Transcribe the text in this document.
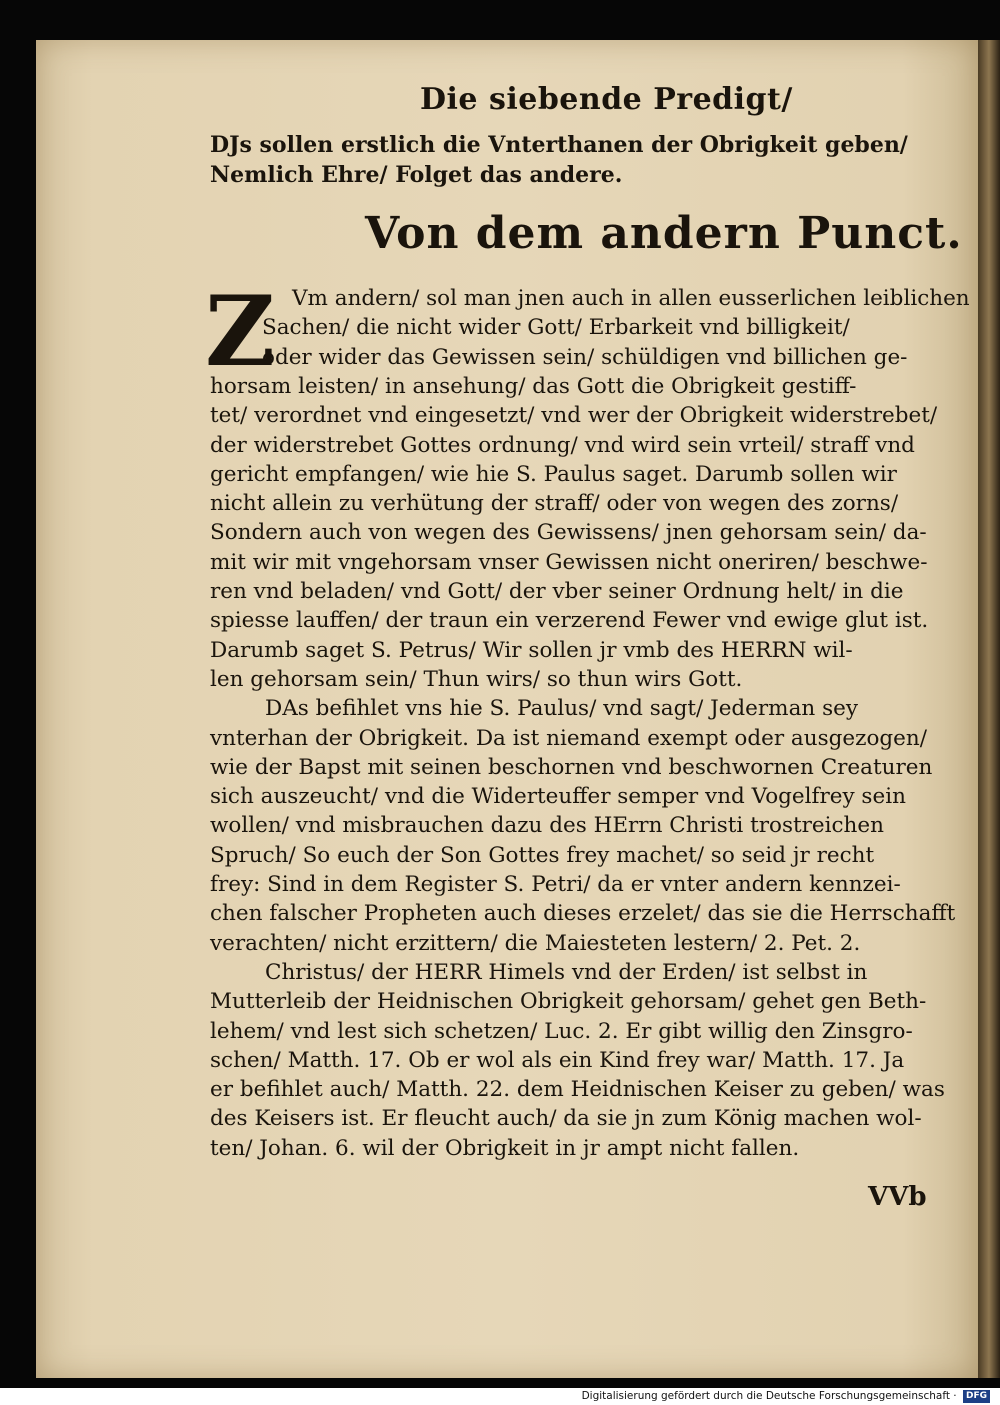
Die siebende Predigt/
DJs sollen erstlich die Vnterthanen der Obrigkeit geben/
Nemlich Ehre/ Folget das andere.
Von dem andern Punct.
Z Vm andern/ sol man jnen auch in allen eusserlichen leiblichen
Sachen/ die nicht wider Gott/ Erbarkeit vnd billigkeit/
oder wider das Gewissen sein/ schüldigen vnd billichen ge-
horsam leisten/ in ansehung/ das Gott die Obrigkeit gestiff-
tet/ verordnet vnd eingesetzt/ vnd wer der Obrigkeit widerstrebet/
der widerstrebet Gottes ordnung/ vnd wird sein vrteil/ straff vnd
gericht empfangen/ wie hie S. Paulus saget. Darumb sollen wir
nicht allein zu verhütung der straff/ oder von wegen des zorns/
Sondern auch von wegen des Gewissens/ jnen gehorsam sein/ da-
mit wir mit vngehorsam vnser Gewissen nicht oneriren/ beschwe-
ren vnd beladen/ vnd Gott/ der vber seiner Ordnung helt/ in die
spiesse lauffen/ der traun ein verzerend Fewer vnd ewige glut ist.
Darumb saget S. Petrus/ Wir sollen jr vmb des HERRN wil-
len gehorsam sein/ Thun wirs/ so thun wirs Gott.
DAs befihlet vns hie S. Paulus/ vnd sagt/ Jederman sey
vnterhan der Obrigkeit. Da ist niemand exempt oder ausgezogen/
wie der Bapst mit seinen beschornen vnd beschwornen Creaturen
sich auszeucht/ vnd die Widerteuffer semper vnd Vogelfrey sein
wollen/ vnd misbrauchen dazu des HErrn Christi trostreichen
Spruch/ So euch der Son Gottes frey machet/ so seid jr recht
frey: Sind in dem Register S. Petri/ da er vnter andern kennzei-
chen falscher Propheten auch dieses erzelet/ das sie die Herrschafft
verachten/ nicht erzittern/ die Maiesteten lestern/ 2. Pet. 2.
Christus/ der HERR Himels vnd der Erden/ ist selbst in
Mutterleib der Heidnischen Obrigkeit gehorsam/ gehet gen Beth-
lehem/ vnd lest sich schetzen/ Luc. 2. Er gibt willig den Zinsgro-
schen/ Matth. 17. Ob er wol als ein Kind frey war/ Matth. 17. Ja
er befihlet auch/ Matth. 22. dem Heidnischen Keiser zu geben/ was
des Keisers ist. Er fleucht auch/ da sie jn zum König machen wol-
ten/ Johan. 6. wil der Obrigkeit in jr ampt nicht fallen.
VVb
Digitalisierung gefördert durch die Deutsche Forschungsgemeinschaft · DFG
